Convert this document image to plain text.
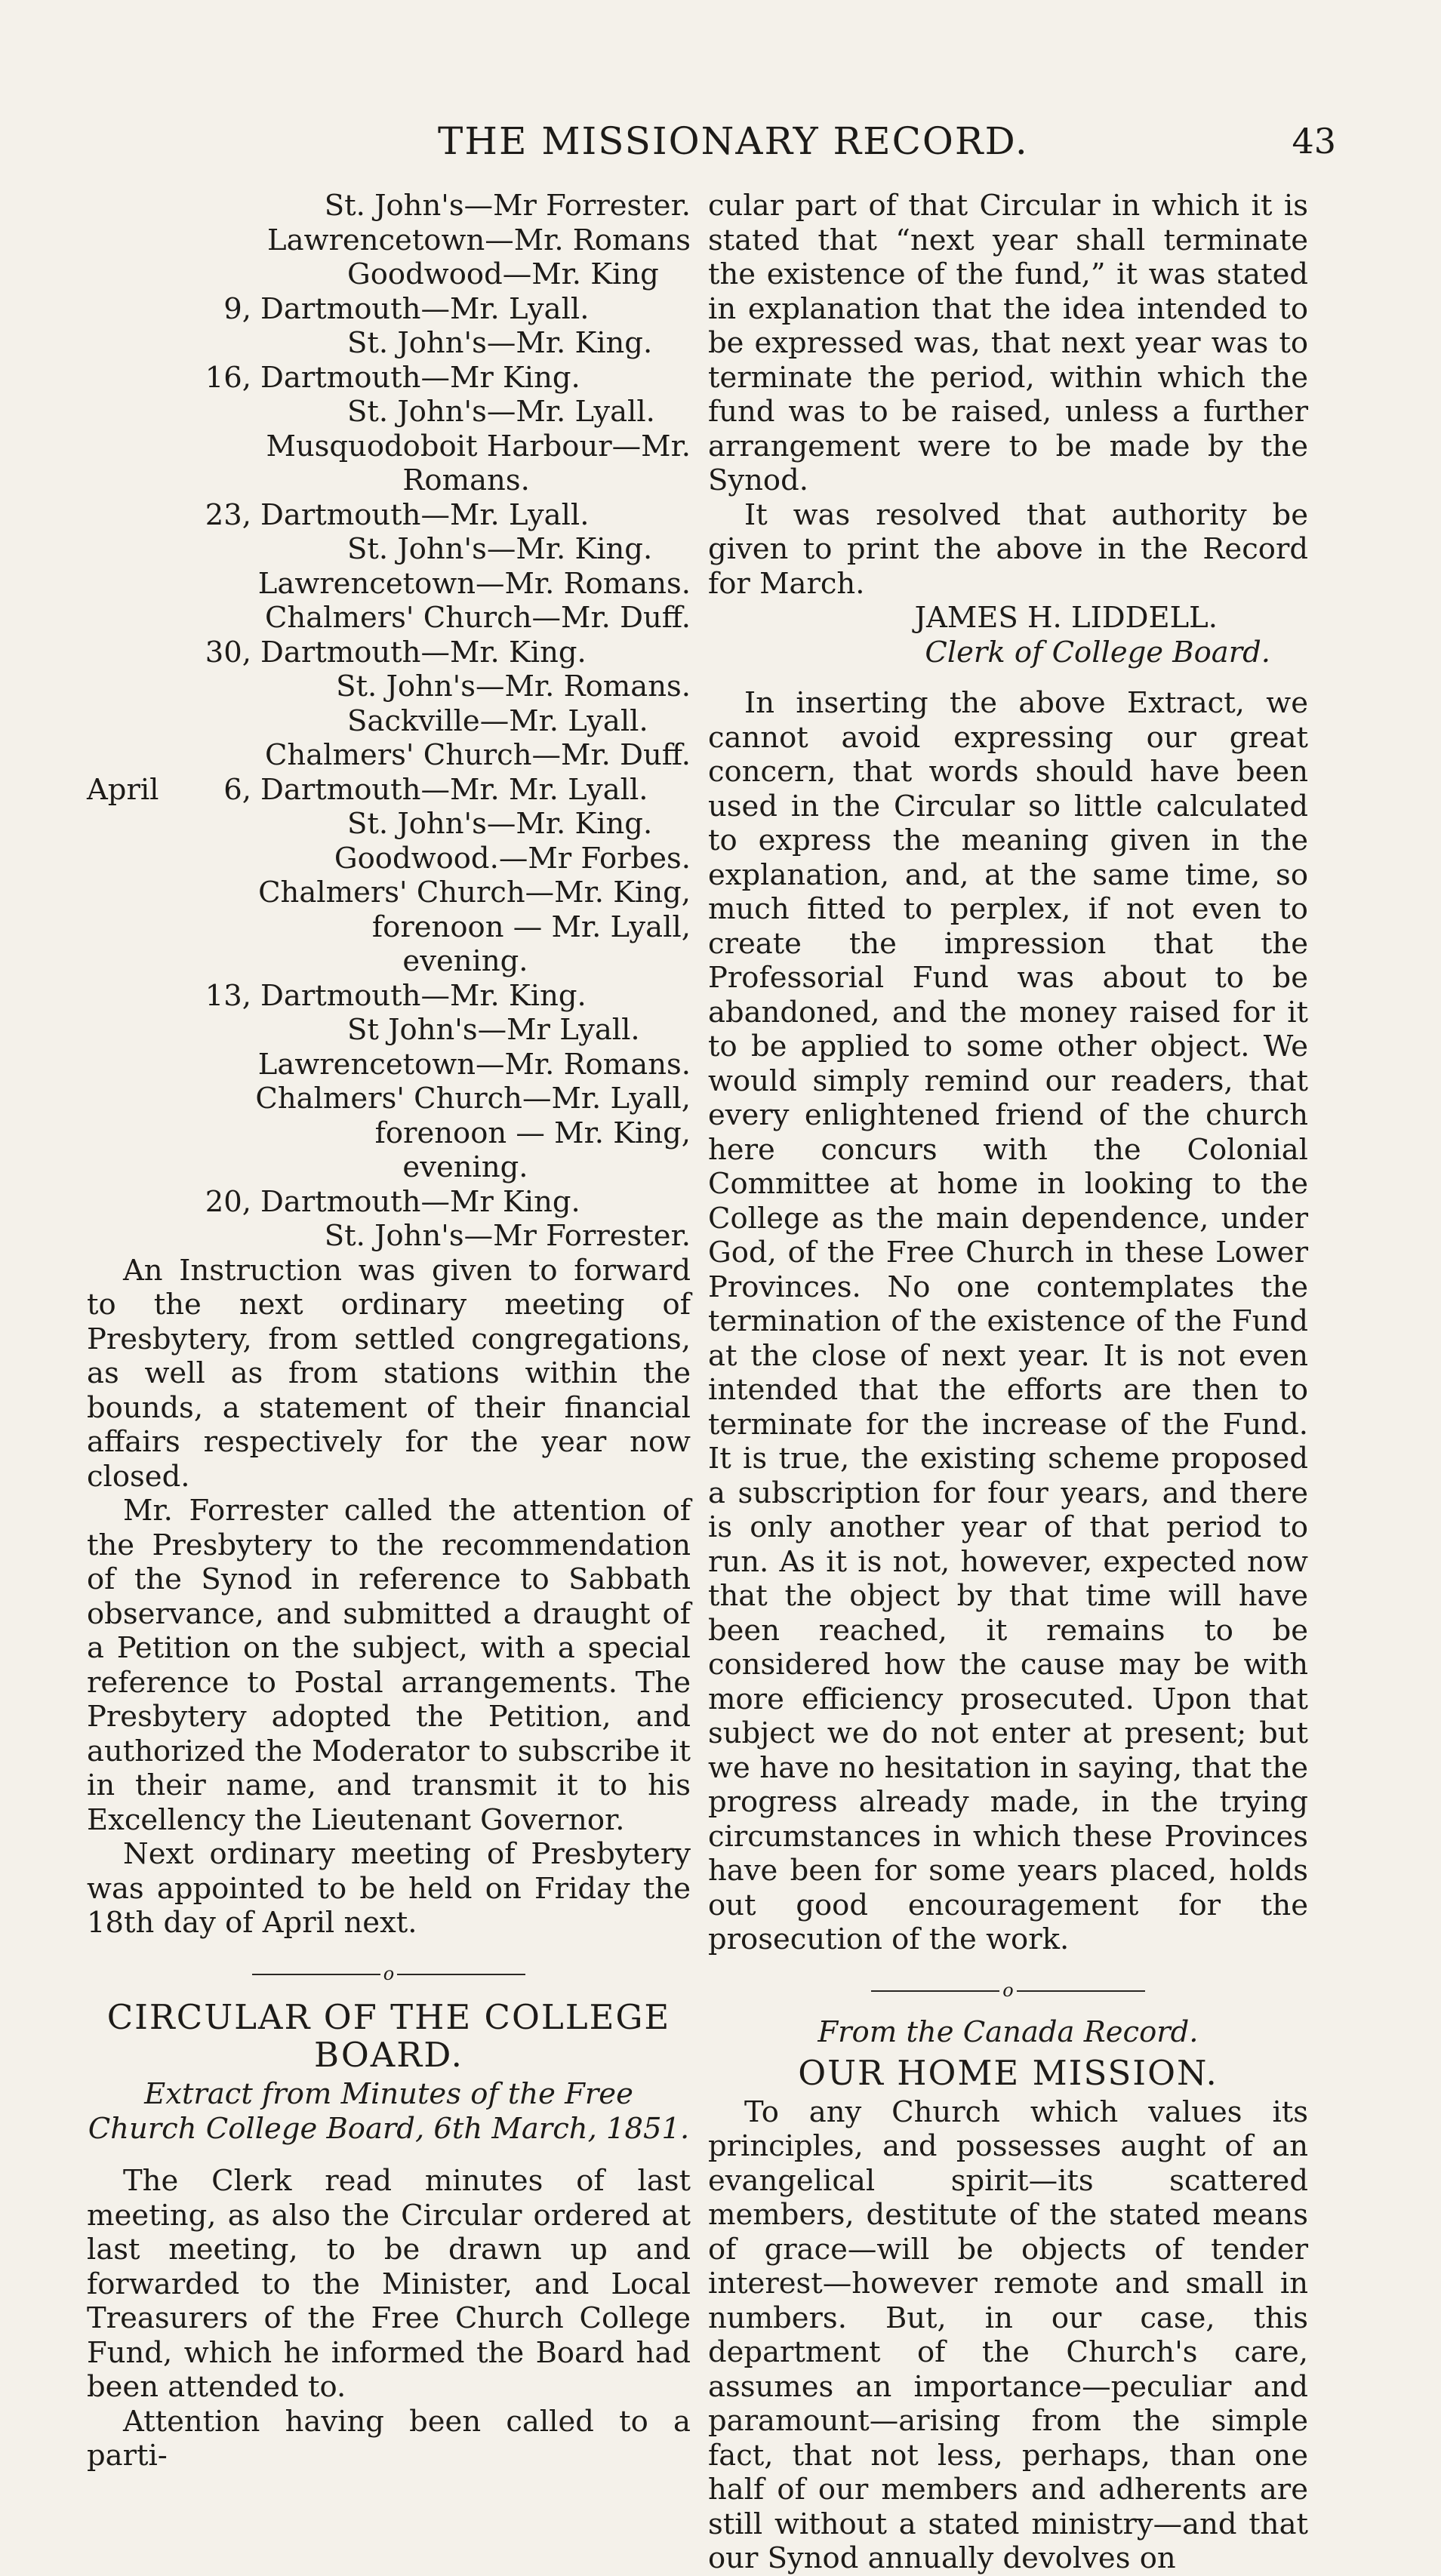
THE MISSIONARY RECORD.	43
St. John's—Mr Forrester.
Lawrencetown—Mr. Romans
Goodwood—Mr. King
9, Dartmouth—Mr. Lyall.
St. John's—Mr. King.
16, Dartmouth—Mr King.
St. John's—Mr. Lyall.
Musquodoboit Harbour—Mr.
Romans.
23, Dartmouth—Mr. Lyall.
St. John's—Mr. King.
Lawrencetown—Mr. Romans.
Chalmers' Church—Mr. Duff.
30, Dartmouth—Mr. King.
St. John's—Mr. Romans.
Sackville—Mr. Lyall.
Chalmers' Church—Mr. Duff.
April	6, Dartmouth—Mr. Mr. Lyall.
St. John's—Mr. King.
Goodwood.—Mr Forbes.
Chalmers' Church—Mr. King,
forenoon — Mr. Lyall,
evening.
13, Dartmouth—Mr. King.
St John's—Mr Lyall.
Lawrencetown—Mr. Romans.
Chalmers' Church—Mr. Lyall,
forenoon — Mr. King,
evening.
20, Dartmouth—Mr King.
St. John's—Mr Forrester.

An Instruction was given to forward to the next ordinary meeting of Presbytery, from settled congregations, as well as from stations within the bounds, a statement of their financial affairs respectively for the year now closed.

Mr. Forrester called the attention of the Presbytery to the recommendation of the Synod in reference to Sabbath observance, and submitted a draught of a Petition on the subject, with a special reference to Postal arrangements. The Presbytery adopted the Petition, and authorized the Moderator to subscribe it in their name, and transmit it to his Excellency the Lieutenant Governor.

Next ordinary meeting of Presbytery was appointed to be held on Friday the 18th day of April next.

o
CIRCULAR OF THE COLLEGE BOARD.
Extract from Minutes of the Free Church College Board, 6th March, 1851.

The Clerk read minutes of last meeting, as also the Circular ordered at last meeting, to be drawn up and forwarded to the Minister, and Local Treasurers of the Free Church College Fund, which he informed the Board had been attended to.

Attention having been called to a parti-

cular part of that Circular in which it is stated that “next year shall terminate the existence of the fund,” it was stated in explanation that the idea intended to be expressed was, that next year was to terminate the period, within which the fund was to be raised, unless a further arrangement were to be made by the Synod.

It was resolved that authority be given to print the above in the Record for March.

JAMES H. LIDDELL.
Clerk of College Board.

In inserting the above Extract, we cannot avoid expressing our great concern, that words should have been used in the Circular so little calculated to express the meaning given in the explanation, and, at the same time, so much fitted to perplex, if not even to create the impression that the Professorial Fund was about to be abandoned, and the money raised for it to be applied to some other object. We would simply remind our readers, that every enlightened friend of the church here concurs with the Colonial Committee at home in looking to the College as the main dependence, under God, of the Free Church in these Lower Provinces. No one contemplates the termination of the existence of the Fund at the close of next year. It is not even intended that the efforts are then to terminate for the increase of the Fund. It is true, the existing scheme proposed a subscription for four years, and there is only another year of that period to run. As it is not, however, expected now that the object by that time will have been reached, it remains to be considered how the cause may be with more efficiency prosecuted. Upon that subject we do not enter at present; but we have no hesitation in saying, that the progress already made, in the trying circumstances in which these Provinces have been for some years placed, holds out good encouragement for the prosecution of the work.

o
From the Canada Record.
OUR HOME MISSION.

To any Church which values its principles, and possesses aught of an evangelical spirit—its scattered members, destitute of the stated means of grace—will be objects of tender interest—however remote and small in numbers. But, in our case, this department of the Church's care, assumes an importance—peculiar and paramount—arising from the simple fact, that not less, perhaps, than one half of our members and adherents are still without a stated ministry—and that our Synod annually devolves on
